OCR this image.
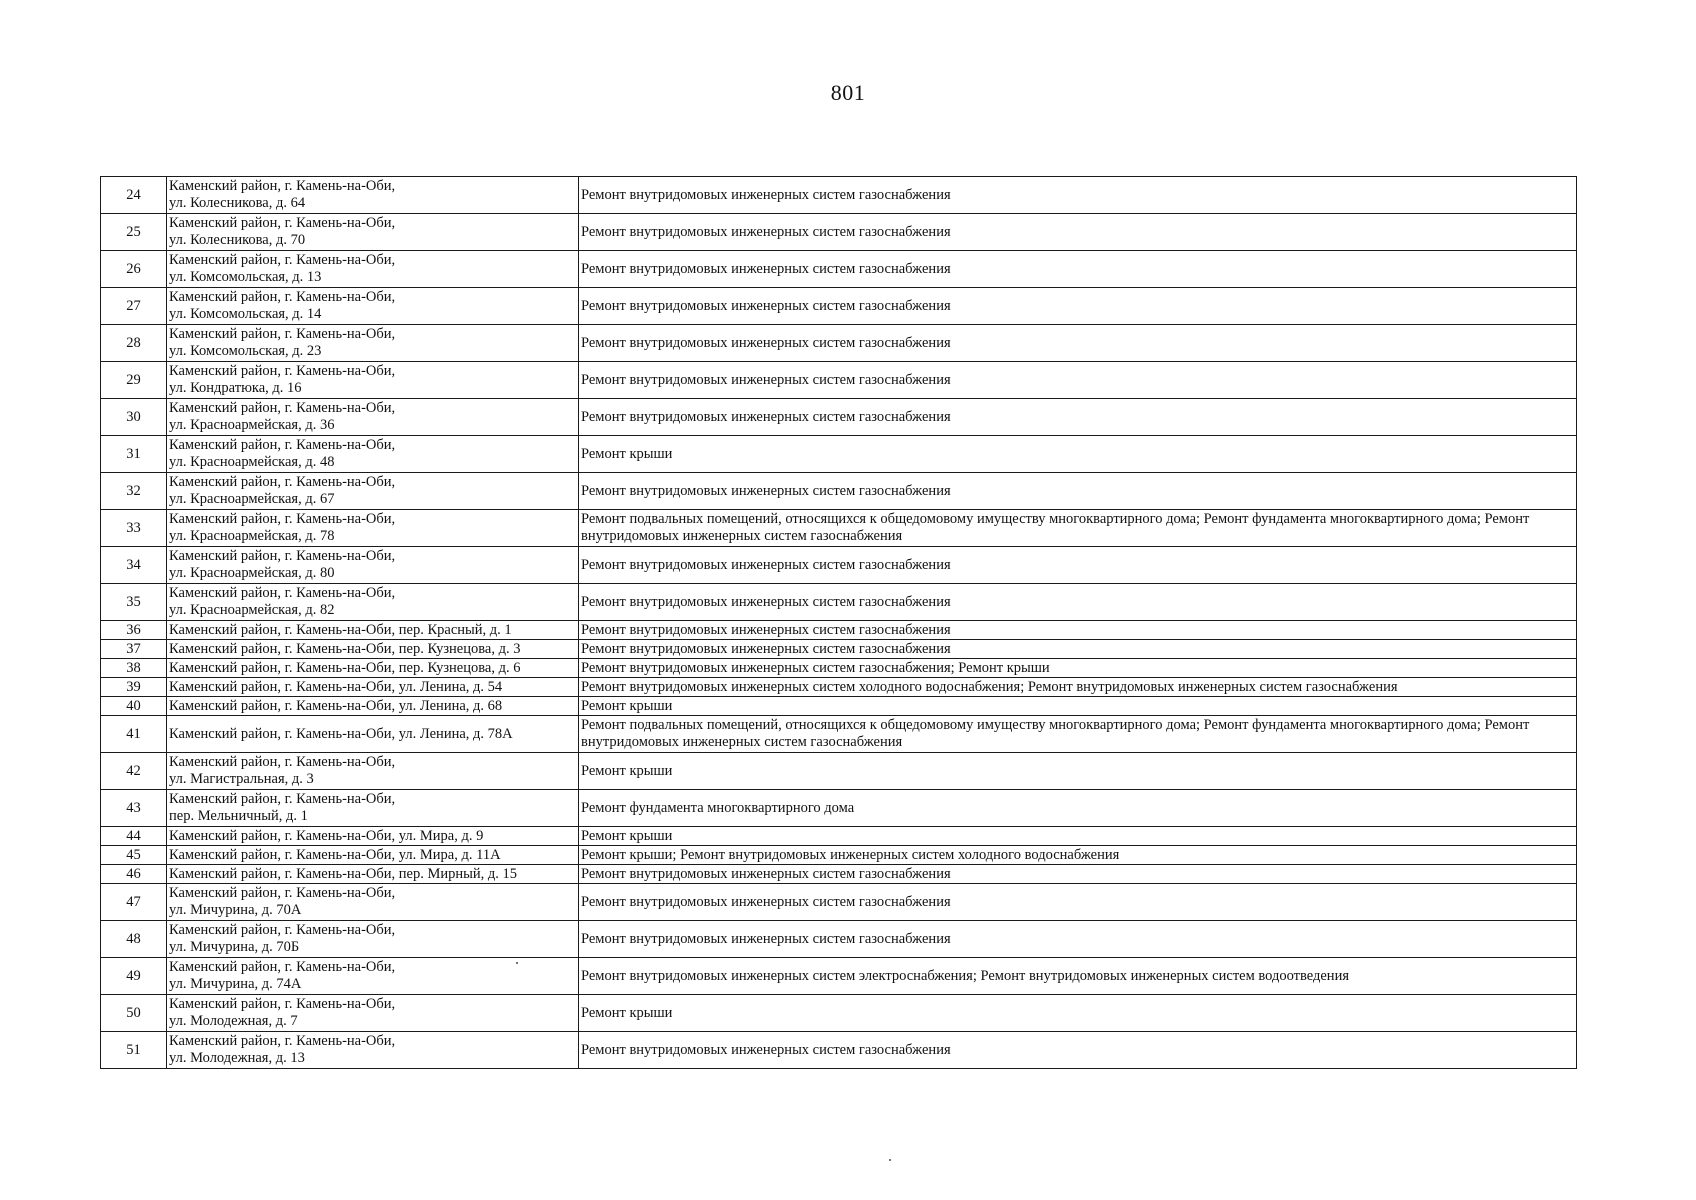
801
24	Каменский район, г. Камень-на-Оби,
ул. Колесникова, д. 64	Ремонт внутридомовых инженерных систем газоснабжения
25	Каменский район, г. Камень-на-Оби,
ул. Колесникова, д. 70	Ремонт внутридомовых инженерных систем газоснабжения
26	Каменский район, г. Камень-на-Оби,
ул. Комсомольская, д. 13	Ремонт внутридомовых инженерных систем газоснабжения
27	Каменский район, г. Камень-на-Оби,
ул. Комсомольская, д. 14	Ремонт внутридомовых инженерных систем газоснабжения
28	Каменский район, г. Камень-на-Оби,
ул. Комсомольская, д. 23	Ремонт внутридомовых инженерных систем газоснабжения
29	Каменский район, г. Камень-на-Оби,
ул. Кондратюка, д. 16	Ремонт внутридомовых инженерных систем газоснабжения
30	Каменский район, г. Камень-на-Оби,
ул. Красноармейская, д. 36	Ремонт внутридомовых инженерных систем газоснабжения
31	Каменский район, г. Камень-на-Оби,
ул. Красноармейская, д. 48	Ремонт крыши
32	Каменский район, г. Камень-на-Оби,
ул. Красноармейская, д. 67	Ремонт внутридомовых инженерных систем газоснабжения
33	Каменский район, г. Камень-на-Оби,
ул. Красноармейская, д. 78	Ремонт подвальных помещений, относящихся к общедомовому имуществу многоквартирного дома; Ремонт фундамента многоквартирного дома; Ремонт внутридомовых инженерных систем газоснабжения
34	Каменский район, г. Камень-на-Оби,
ул. Красноармейская, д. 80	Ремонт внутридомовых инженерных систем газоснабжения
35	Каменский район, г. Камень-на-Оби,
ул. Красноармейская, д. 82	Ремонт внутридомовых инженерных систем газоснабжения
36	Каменский район, г. Камень-на-Оби, пер. Красный, д. 1	Ремонт внутридомовых инженерных систем газоснабжения
37	Каменский район, г. Камень-на-Оби, пер. Кузнецова, д. 3	Ремонт внутридомовых инженерных систем газоснабжения
38	Каменский район, г. Камень-на-Оби, пер. Кузнецова, д. 6	Ремонт внутридомовых инженерных систем газоснабжения; Ремонт крыши
39	Каменский район, г. Камень-на-Оби, ул. Ленина, д. 54	Ремонт внутридомовых инженерных систем холодного водоснабжения; Ремонт внутридомовых инженерных систем газоснабжения
40	Каменский район, г. Камень-на-Оби, ул. Ленина, д. 68	Ремонт крыши
41	Каменский район, г. Камень-на-Оби, ул. Ленина, д. 78А	Ремонт подвальных помещений, относящихся к общедомовому имуществу многоквартирного дома; Ремонт фундамента многоквартирного дома; Ремонт внутридомовых инженерных систем газоснабжения
42	Каменский район, г. Камень-на-Оби,
ул. Магистральная, д. 3	Ремонт крыши
43	Каменский район, г. Камень-на-Оби,
пер. Мельничный, д. 1	Ремонт фундамента многоквартирного дома
44	Каменский район, г. Камень-на-Оби, ул. Мира, д. 9	Ремонт крыши
45	Каменский район, г. Камень-на-Оби, ул. Мира, д. 11А	Ремонт крыши; Ремонт внутридомовых инженерных систем холодного водоснабжения
46	Каменский район, г. Камень-на-Оби, пер. Мирный, д. 15	Ремонт внутридомовых инженерных систем газоснабжения
47	Каменский район, г. Камень-на-Оби,
ул. Мичурина, д. 70А	Ремонт внутридомовых инженерных систем газоснабжения
48	Каменский район, г. Камень-на-Оби,
ул. Мичурина, д. 70Б	Ремонт внутридомовых инженерных систем газоснабжения
49	Каменский район, г. Камень-на-Оби,
ул. Мичурина, д. 74А	Ремонт внутридомовых инженерных систем электроснабжения; Ремонт внутридомовых инженерных систем водоотведения
50	Каменский район, г. Камень-на-Оби,
ул. Молодежная, д. 7	Ремонт крыши
51	Каменский район, г. Камень-на-Оби,
ул. Молодежная, д. 13	Ремонт внутридомовых инженерных систем газоснабжения
